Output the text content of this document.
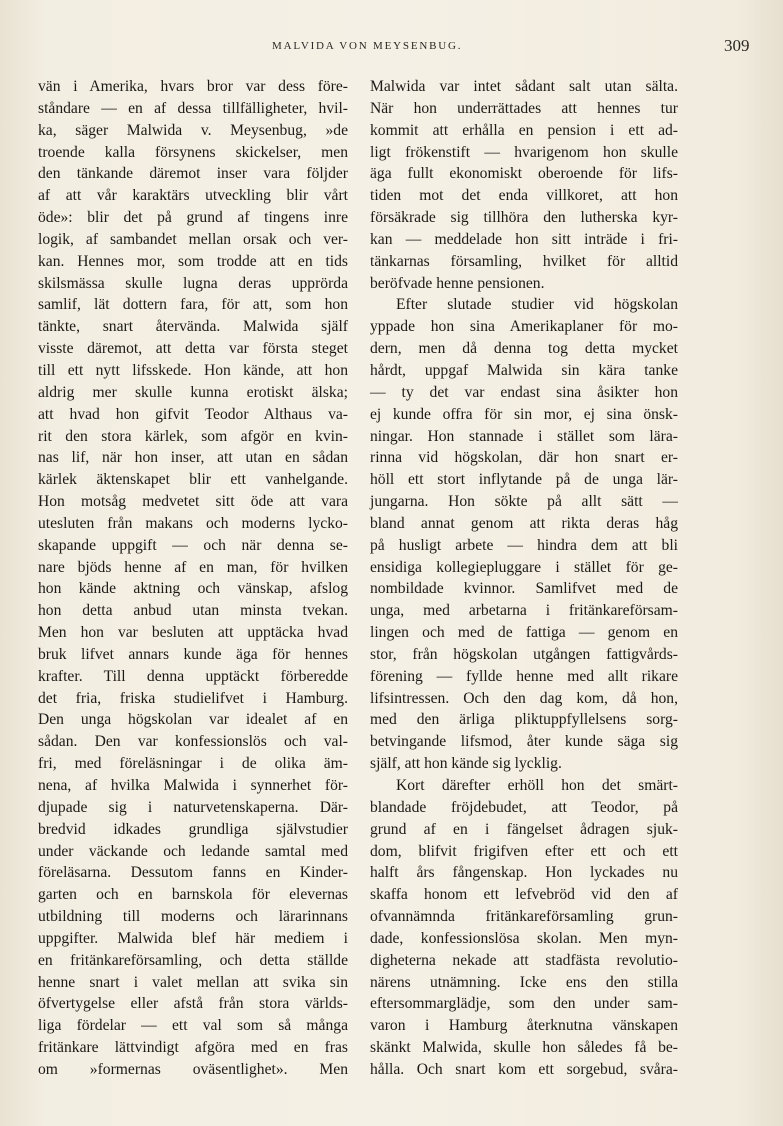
MALVIDA VON MEYSENBUG.	309
vän i Amerika, hvars bror var dess före-
ståndare — en af dessa tillfälligheter, hvil-
ka, säger Malwida v. Meysenbug, »de
troende kalla försynens skickelser, men
den tänkande däremot inser vara följder
af att vår karaktärs utveckling blir vårt
öde»: blir det på grund af tingens inre
logik, af sambandet mellan orsak och ver-
kan. Hennes mor, som trodde att en tids
skilsmässa skulle lugna deras upprörda
samlif, lät dottern fara, för att, som hon
tänkte, snart återvända. Malwida själf
visste däremot, att detta var första steget
till ett nytt lifsskede. Hon kände, att hon
aldrig mer skulle kunna erotiskt älska;
att hvad hon gifvit Teodor Althaus va-
rit den stora kärlek, som afgör en kvin-
nas lif, när hon inser, att utan en sådan
kärlek äktenskapet blir ett vanhelgande.
Hon motsåg medvetet sitt öde att vara
utesluten från makans och moderns lycko-
skapande uppgift — och när denna se-
nare bjöds henne af en man, för hvilken
hon kände aktning och vänskap, afslog
hon detta anbud utan minsta tvekan.
Men hon var besluten att upptäcka hvad
bruk lifvet annars kunde äga för hennes
krafter. Till denna upptäckt förberedde
det fria, friska studielifvet i Hamburg.
Den unga högskolan var idealet af en
sådan. Den var konfessionslös och val-
fri, med föreläsningar i de olika äm-
nena, af hvilka Malwida i synnerhet för-
djupade sig i naturvetenskaperna. Där-
bredvid idkades grundliga självstudier
under väckande och ledande samtal med
föreläsarna. Dessutom fanns en Kinder-
garten och en barnskola för elevernas
utbildning till moderns och lärarinnans
uppgifter. Malwida blef här mediem i
en fritänkareförsamling, och detta ställde
henne snart i valet mellan att svika sin
öfvertygelse eller afstå från stora världs-
liga fördelar — ett val som så många
fritänkare lättvindigt afgöra med en fras
om »formernas oväsentlighet». Men
Malwida var intet sådant salt utan sälta.
När hon underrättades att hennes tur
kommit att erhålla en pension i ett ad-
ligt frökenstift — hvarigenom hon skulle
äga fullt ekonomiskt oberoende för lifs-
tiden mot det enda villkoret, att hon
försäkrade sig tillhöra den lutherska kyr-
kan — meddelade hon sitt inträde i fri-
tänkarnas församling, hvilket för alltid
beröfvade henne pensionen.
Efter slutade studier vid högskolan
yppade hon sina Amerikaplaner för mo-
dern, men då denna tog detta mycket
hårdt, uppgaf Malwida sin kära tanke
— ty det var endast sina åsikter hon
ej kunde offra för sin mor, ej sina önsk-
ningar. Hon stannade i stället som lära-
rinna vid högskolan, där hon snart er-
höll ett stort inflytande på de unga lär-
jungarna. Hon sökte på allt sätt —
bland annat genom att rikta deras håg
på husligt arbete — hindra dem att bli
ensidiga kollegiepluggare i stället för ge-
nombildade kvinnor. Samlifvet med de
unga, med arbetarna i fritänkareförsam-
lingen och med de fattiga — genom en
stor, från högskolan utgången fattigvårds-
förening — fyllde henne med allt rikare
lifsintressen. Och den dag kom, då hon,
med den ärliga pliktuppfyllelsens sorg-
betvingande lifsmod, åter kunde säga sig
själf, att hon kände sig lycklig.
Kort därefter erhöll hon det smärt-
blandade fröjdebudet, att Teodor, på
grund af en i fängelset ådragen sjuk-
dom, blifvit frigifven efter ett och ett
halft års fångenskap. Hon lyckades nu
skaffa honom ett lefvebröd vid den af
ofvannämnda fritänkareförsamling grun-
dade, konfessionslösa skolan. Men myn-
digheterna nekade att stadfästa revolutio-
närens utnämning. Icke ens den stilla
eftersommarglädje, som den under sam-
varon i Hamburg återknutna vänskapen
skänkt Malwida, skulle hon således få be-
hålla. Och snart kom ett sorgebud, svåra-
